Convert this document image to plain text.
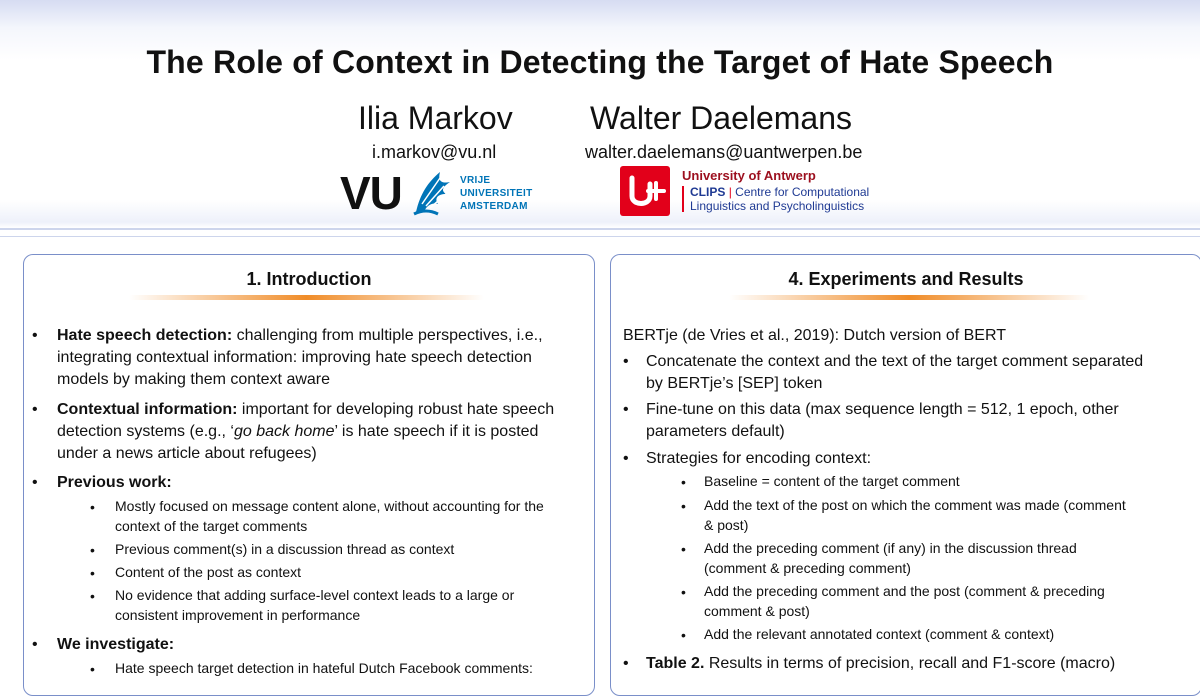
The Role of Context in Detecting the Target of Hate Speech
Ilia Markov Walter Daelemans
i.markov@vu.nl	walter.daelemans@uantwerpen.be
VU	VRIJE
UNIVERSITEIT
AMSTERDAM
University of Antwerp
CLIPS | Centre for Computational
Linguistics and Psycholinguistics
1. Introduction
• Hate speech detection: challenging from multiple perspectives, i.e.,
integrating contextual information: improving hate speech detection
models by making them context aware
• Contextual information: important for developing robust hate speech
detection systems (e.g., ‘go back home’ is hate speech if it is posted
under a news article about refugees)
• Previous work:
• Mostly focused on message content alone, without accounting for the
context of the target comments
• Previous comment(s) in a discussion thread as context
• Content of the post as context
• No evidence that adding surface-level context leads to a large or
consistent improvement in performance
• We investigate:
• Hate speech target detection in hateful Dutch Facebook comments:
4. Experiments and Results
BERTje (de Vries et al., 2019): Dutch version of BERT
• Concatenate the context and the text of the target comment separated
by BERTje’s [SEP] token
• Fine-tune on this data (max sequence length = 512, 1 epoch, other
parameters default)
• Strategies for encoding context:
• Baseline = content of the target comment
• Add the text of the post on which the comment was made (comment
& post)
• Add the preceding comment (if any) in the discussion thread
(comment & preceding comment)
• Add the preceding comment and the post (comment & preceding
comment & post)
• Add the relevant annotated context (comment & context)
• Table 2. Results in terms of precision, recall and F1-score (macro)
